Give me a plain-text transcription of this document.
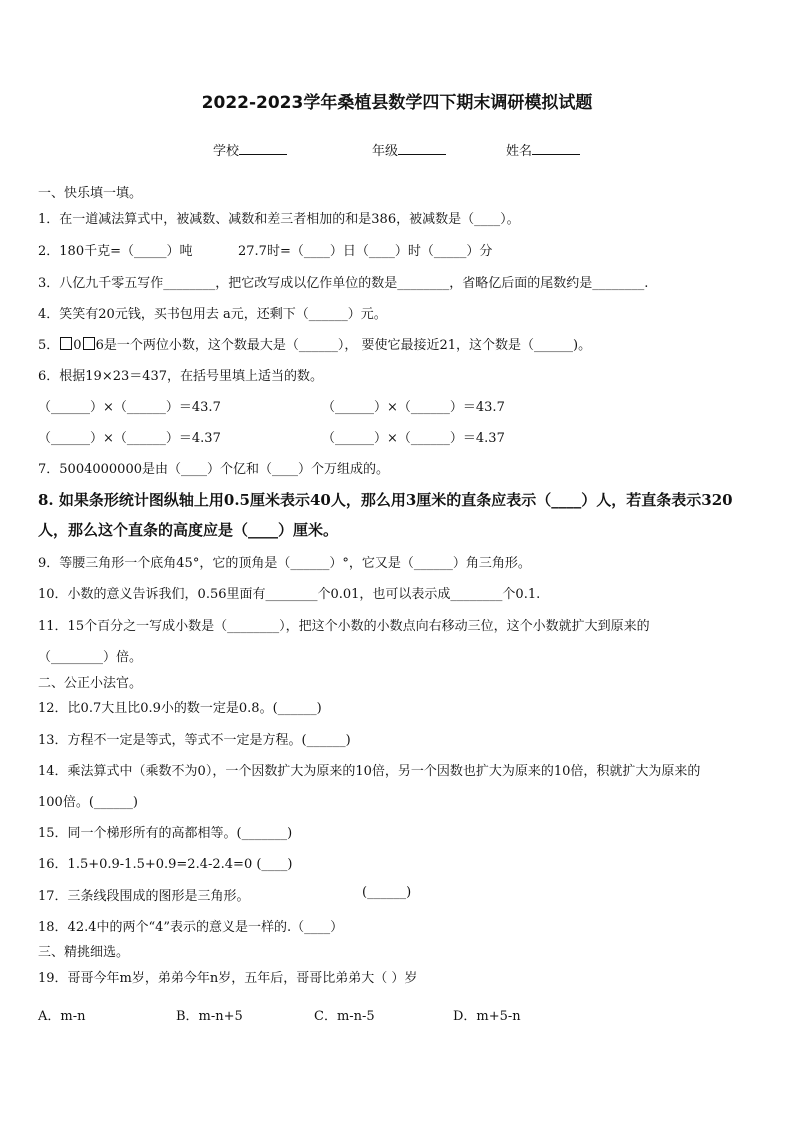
2022-2023学年桑植县数学四下期末调研模拟试题
学校	年级	姓名
一、快乐填一填。
1．在一道减法算式中，被减数、减数和差三者相加的和是386，被减数是（____）。
2．180千克=（_____）吨	27.7时=（____）日（____）时（_____）分
3．八亿九千零五写作________，把它改写成以亿作单位的数是________，省略亿后面的尾数约是________.
4．笑笑有20元钱，买书包用去 a元，还剩下（______）元。
5． 0 6是一个两位小数，这个数最大是（______）， 要使它最接近21，这个数是（______)。
6．根据19×23＝437，在括号里填上适当的数。
（______）×（______）＝43.7	（______）×（______）＝43.7
（______）×（______）＝4.37	（______）×（______）＝4.37
7．5004000000是由（____）个亿和（____）个万组成的。
8. 如果条形统计图纵轴上用0.5厘米表示40人，那么用3厘米的直条应表示（____）人，若直条表示320
人，那么这个直条的高度应是（____）厘米。
9．等腰三角形一个底角45°，它的顶角是（______）°，它又是（______）角三角形。
10．小数的意义告诉我们，0.56里面有________个0.01，也可以表示成________个0.1.
11．15个百分之一写成小数是（________），把这个小数的小数点向右移动三位，这个小数就扩大到原来的
（________）倍。
二、公正小法官。
12．比0.7大且比0.9小的数一定是0.8。(______)
13．方程不一定是等式，等式不一定是方程。(______)
14．乘法算式中（乘数不为0），一个因数扩大为原来的10倍，另一个因数也扩大为原来的10倍，积就扩大为原来的
100倍。(______)
15．同一个梯形所有的高都相等。(_______)
16．1.5+0.9-1.5+0.9=2.4-2.4=0 (____)
17．三条线段围成的图形是三角形。	(______)
18．42.4中的两个“4”表示的意义是一样的.（____）
三、精挑细选。
19．哥哥今年m岁，弟弟今年n岁，五年后，哥哥比弟弟大（ ）岁
A．m-n	B．m-n+5	C．m-n-5	D．m+5-n
